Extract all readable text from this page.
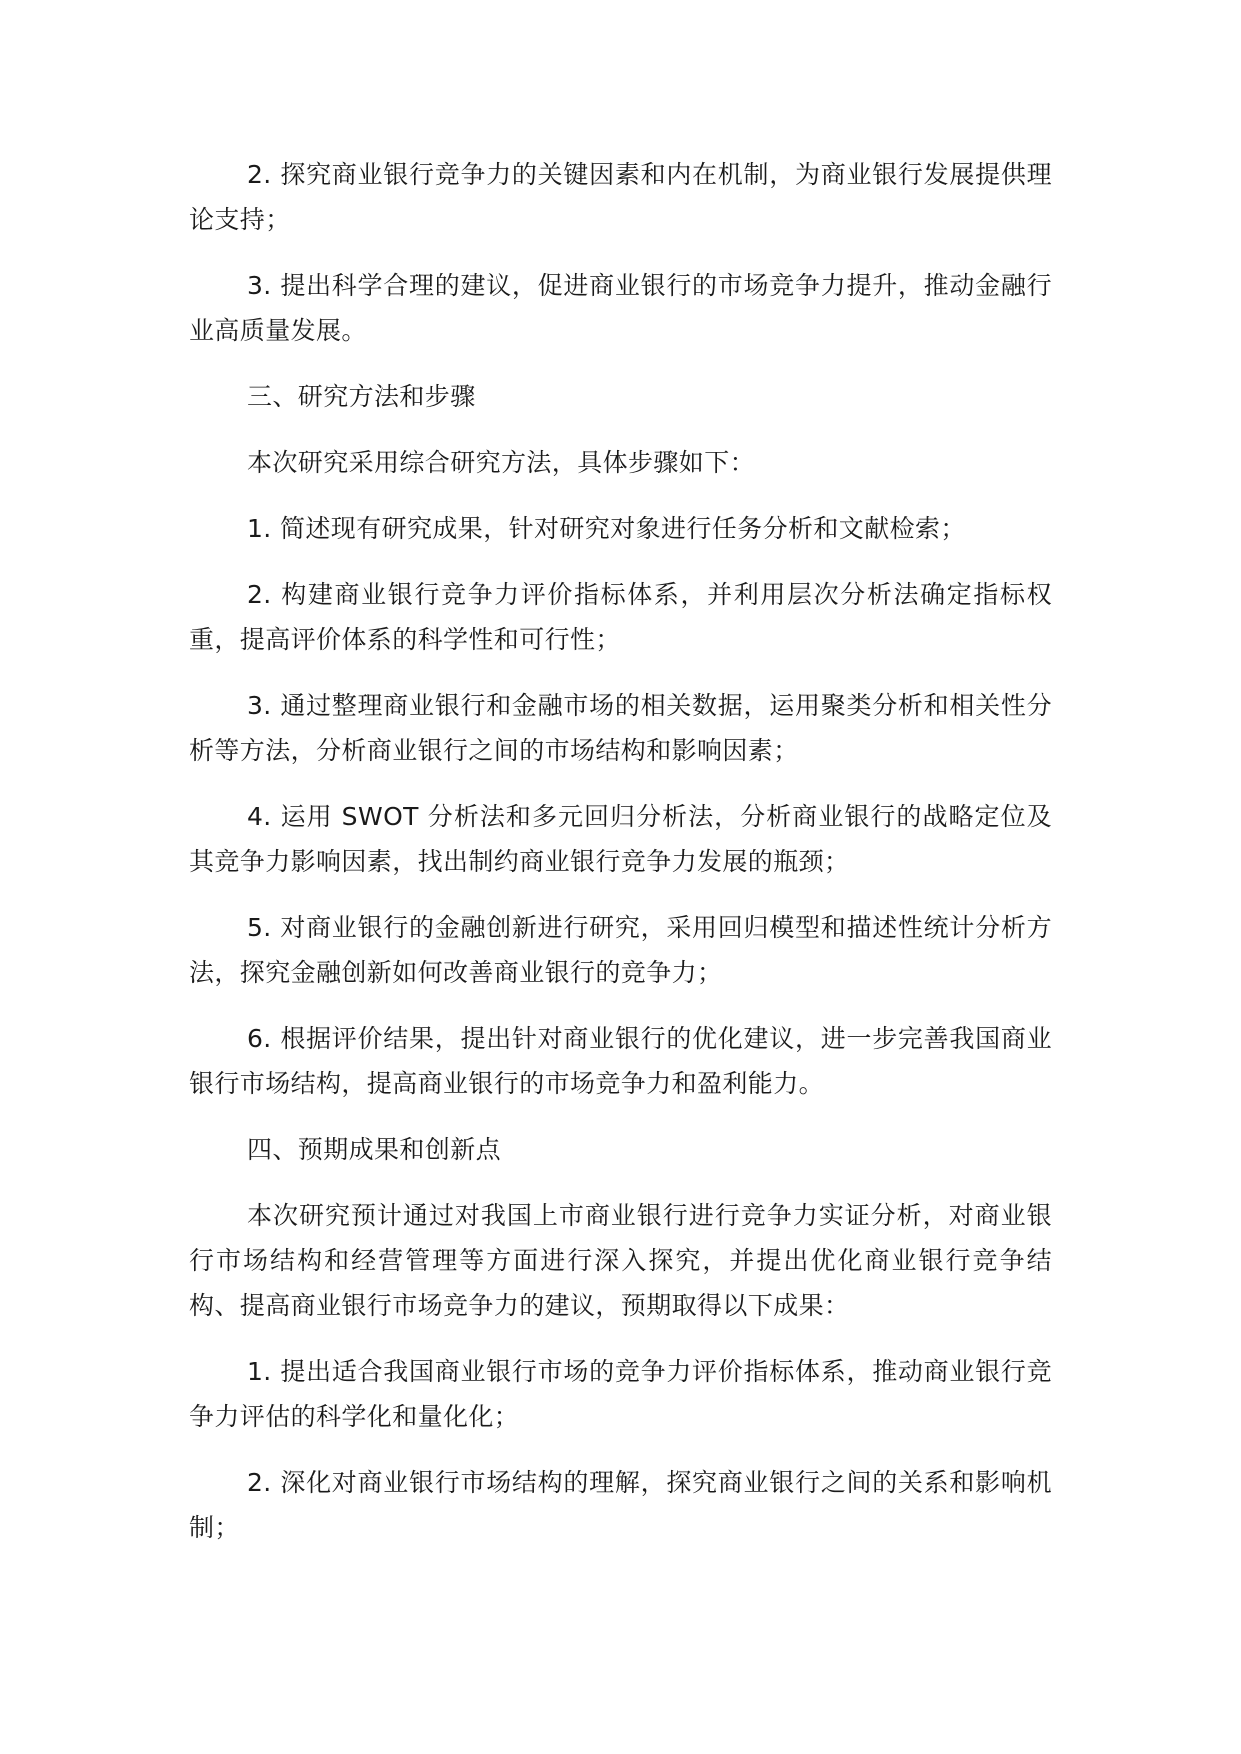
2. 探究商业银行竞争力的关键因素和内在机制，为商业银行发展提供理论支持；

3. 提出科学合理的建议，促进商业银行的市场竞争力提升，推动金融行业高质量发展。

三、研究方法和步骤

本次研究采用综合研究方法，具体步骤如下：

1. 简述现有研究成果，针对研究对象进行任务分析和文献检索；

2. 构建商业银行竞争力评价指标体系，并利用层次分析法确定指标权重，提高评价体系的科学性和可行性；

3. 通过整理商业银行和金融市场的相关数据，运用聚类分析和相关性分析等方法，分析商业银行之间的市场结构和影响因素；

4. 运用 SWOT 分析法和多元回归分析法，分析商业银行的战略定位及其竞争力影响因素，找出制约商业银行竞争力发展的瓶颈；

5. 对商业银行的金融创新进行研究，采用回归模型和描述性统计分析方法，探究金融创新如何改善商业银行的竞争力；

6. 根据评价结果，提出针对商业银行的优化建议，进一步完善我国商业银行市场结构，提高商业银行的市场竞争力和盈利能力。

四、预期成果和创新点

本次研究预计通过对我国上市商业银行进行竞争力实证分析，对商业银行市场结构和经营管理等方面进行深入探究，并提出优化商业银行竞争结构、提高商业银行市场竞争力的建议，预期取得以下成果：

1. 提出适合我国商业银行市场的竞争力评价指标体系，推动商业银行竞争力评估的科学化和量化化；

2. 深化对商业银行市场结构的理解，探究商业银行之间的关系和影响机制；
